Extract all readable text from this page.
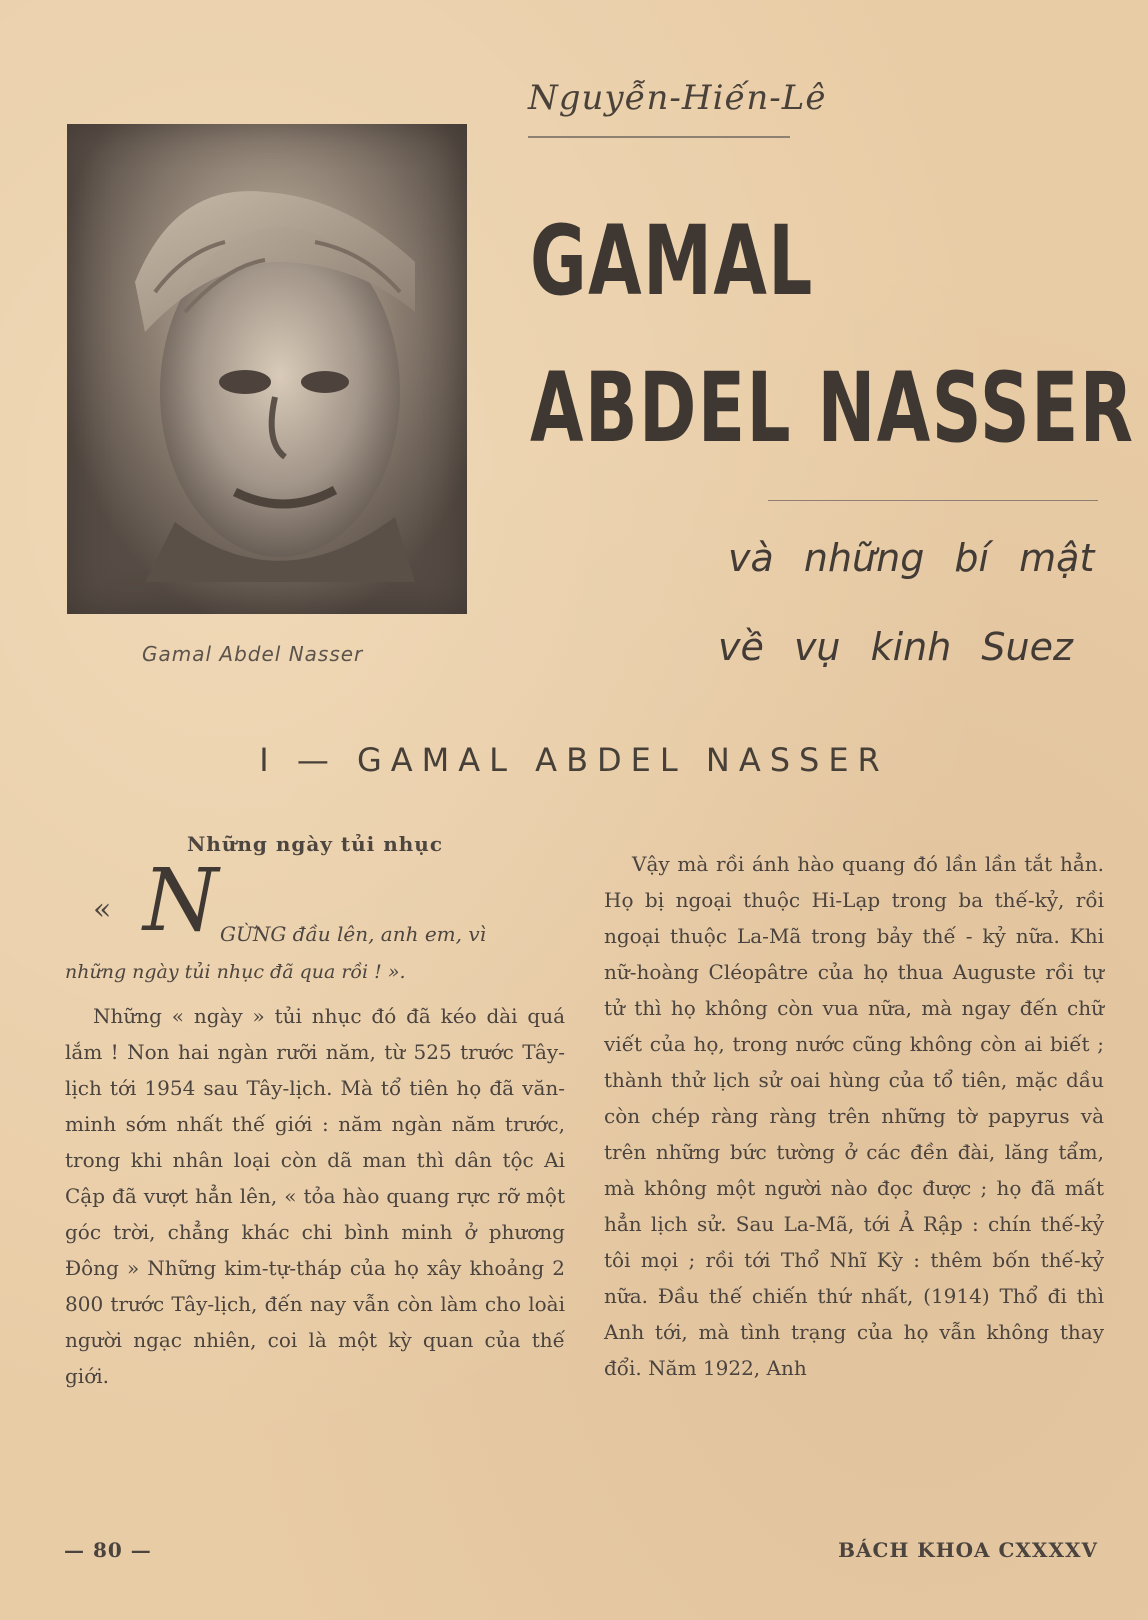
Nguyễn-Hiến-Lê
Gamal Abdel Nasser
GAMAL
ABDEL NASSER
và những bí mật
về vụ kinh Suez
I — GAMAL ABDEL NASSER
Những ngày tủi nhục
« N GỪNG đầu lên, anh em, vì
những ngày tủi nhục đã qua rồi ! ».

Những « ngày » tủi nhục đó đã kéo dài quá lắm ! Non hai ngàn rưỡi năm, từ 525 trước Tây-lịch tới 1954 sau Tây-lịch. Mà tổ tiên họ đã văn-minh sớm nhất thế giới : năm ngàn năm trước, trong khi nhân loại còn dã man thì dân tộc Ai Cập đã vượt hẳn lên, « tỏa hào quang rực rỡ một góc trời, chẳng khác chi bình minh ở phương Đông » Những kim-tự-tháp của họ xây khoảng 2 800 trước Tây-lịch, đến nay vẫn còn làm cho loài người ngạc nhiên, coi là một kỳ quan của thế giới.

Vậy mà rồi ánh hào quang đó lần lần tắt hẳn. Họ bị ngoại thuộc Hi-Lạp trong ba thế-kỷ, rồi ngoại thuộc La-Mã trong bảy thế - kỷ nữa. Khi nữ-hoàng Cléopâtre của họ thua Auguste rồi tự tử thì họ không còn vua nữa, mà ngay đến chữ viết của họ, trong nước cũng không còn ai biết ; thành thử lịch sử oai hùng của tổ tiên, mặc dầu còn chép ràng ràng trên những tờ papyrus và trên những bức tường ở các đền đài, lăng tẩm, mà không một người nào đọc được ; họ đã mất hẳn lịch sử. Sau La-Mã, tới Ả Rập : chín thế-kỷ tôi mọi ; rồi tới Thổ Nhĩ Kỳ : thêm bốn thế-kỷ nữa. Đầu thế chiến thứ nhất, (1914) Thổ đi thì Anh tới, mà tình trạng của họ vẫn không thay đổi. Năm 1922, Anh

— 80 —	BÁCH KHOA CXXXXV
